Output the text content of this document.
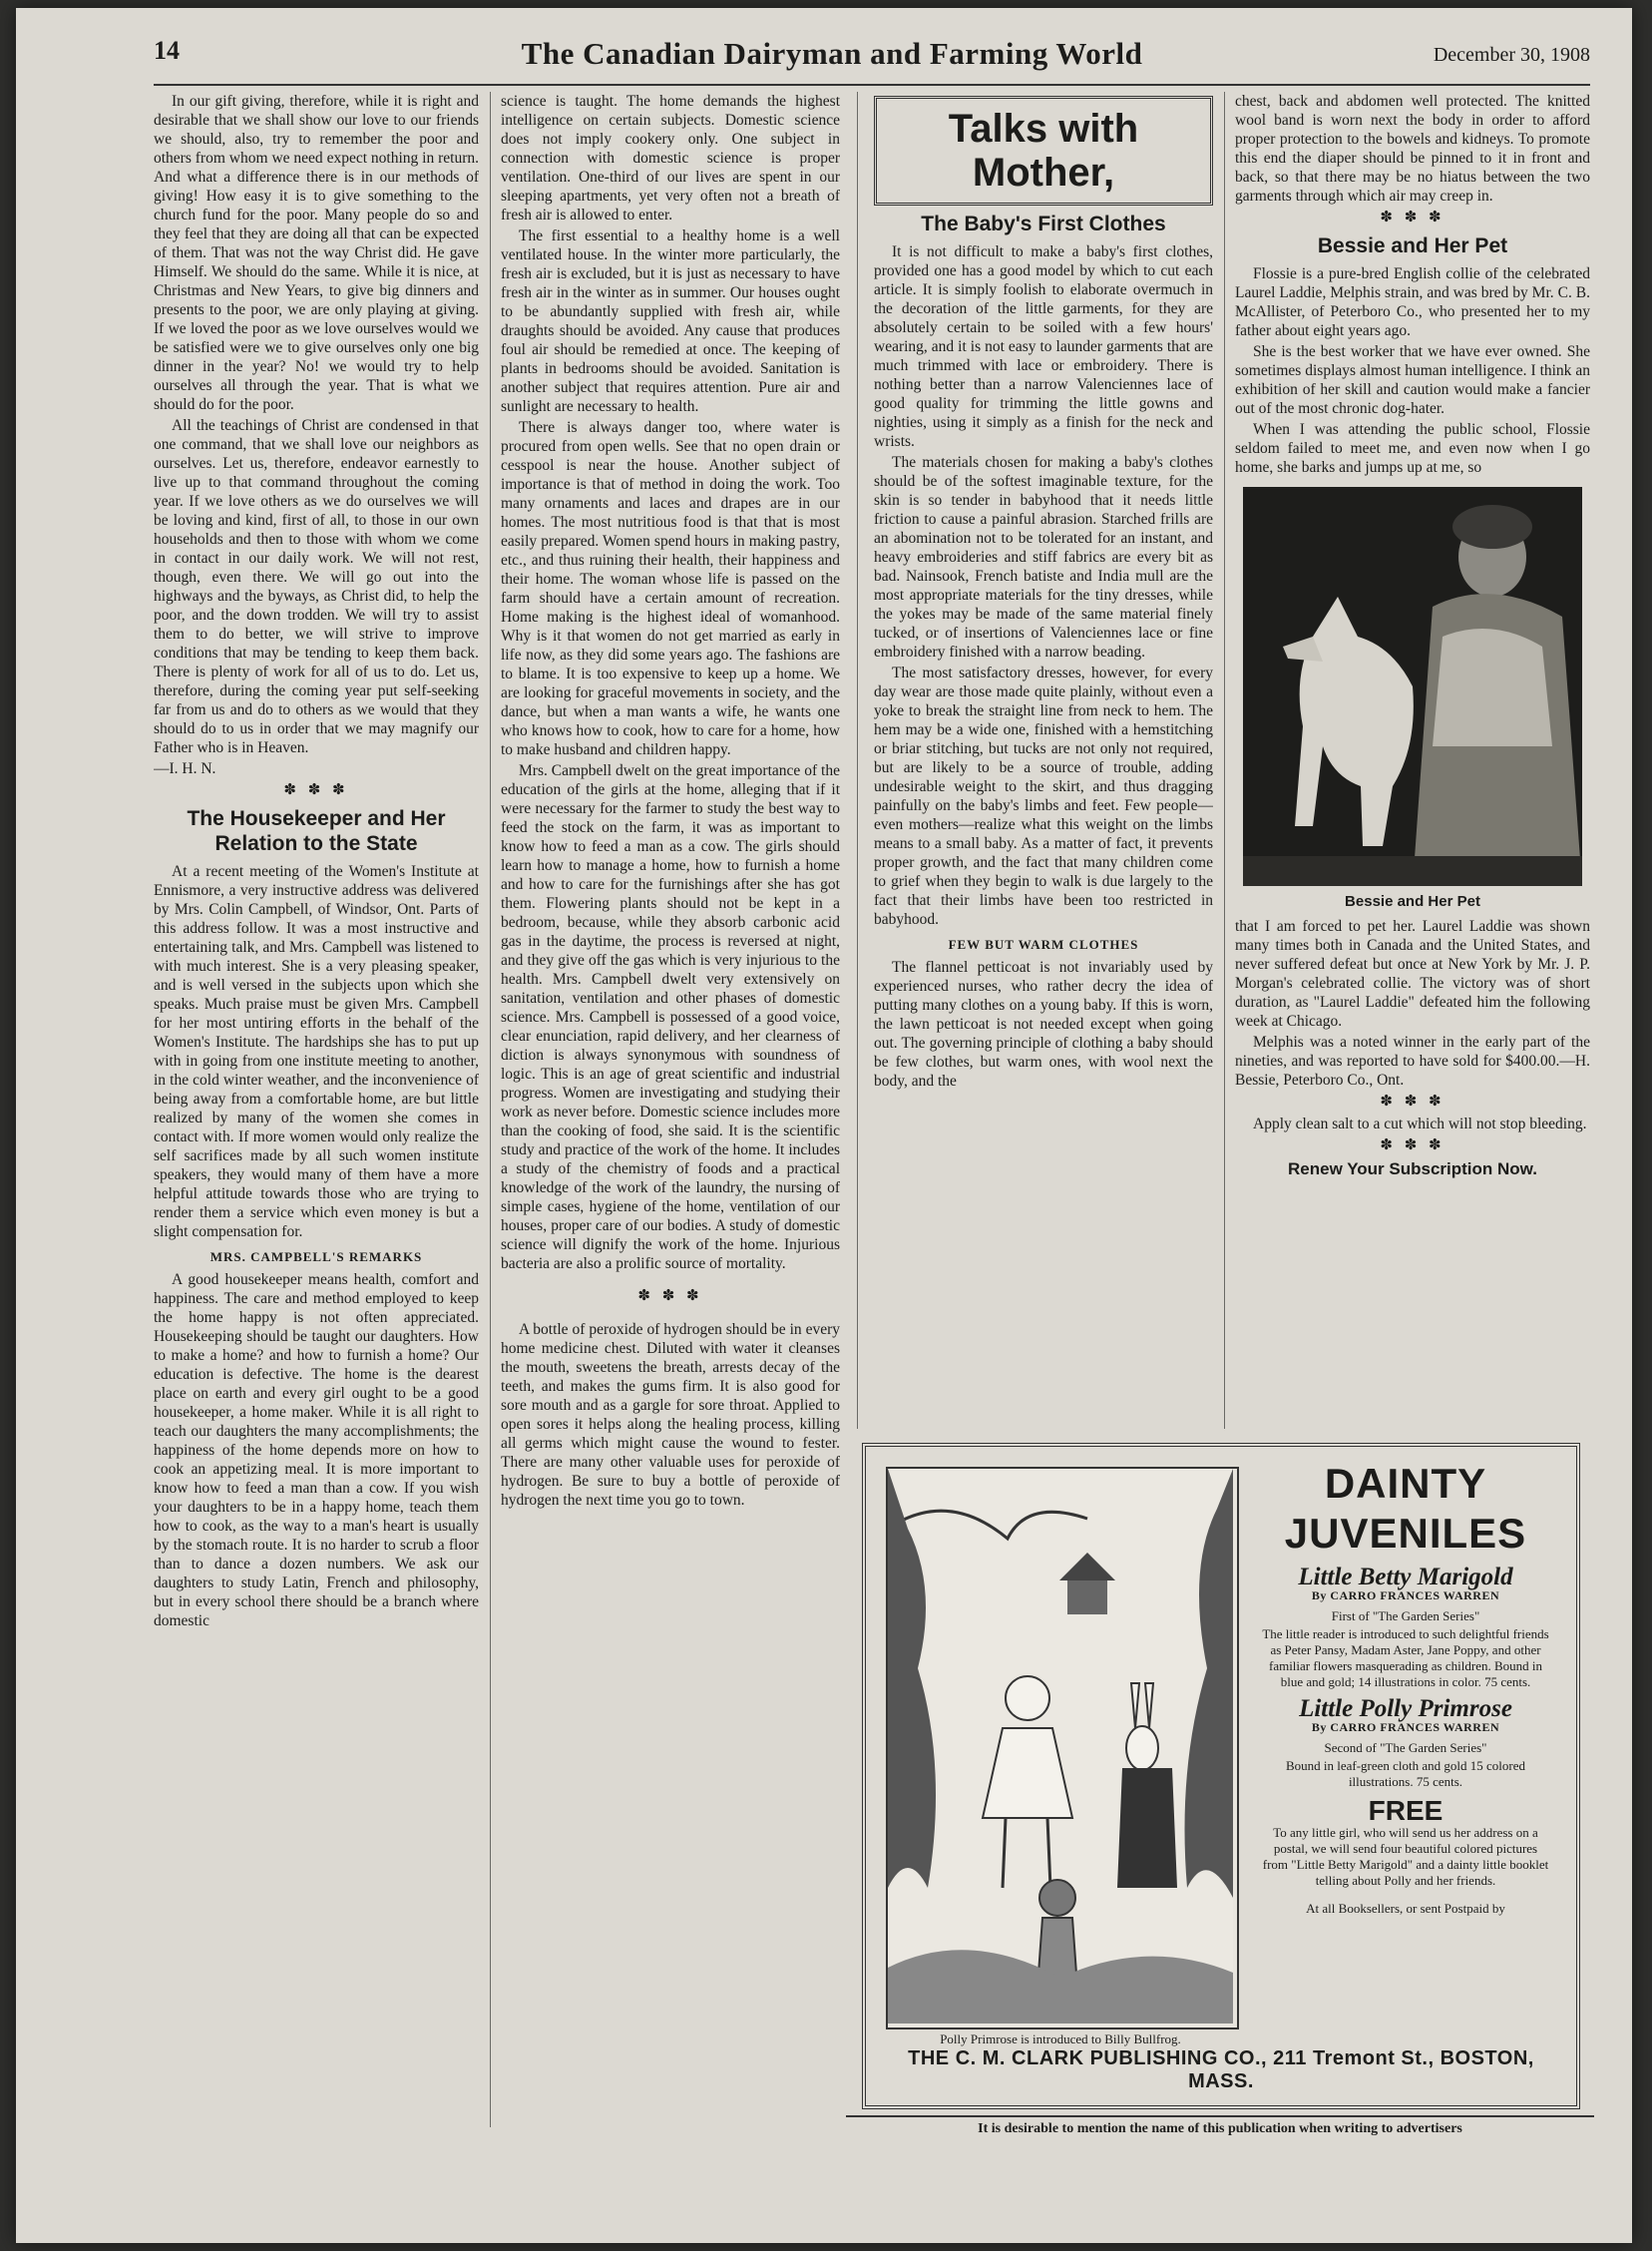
14	The Canadian Dairyman and Farming World	December 30, 1908

In our gift giving, therefore, while it is right and desirable that we shall show our love to our friends we should, also, try to remember the poor and others from whom we need expect nothing in return. And what a difference there is in our methods of giving! How easy it is to give something to the church fund for the poor. Many people do so and they feel that they are doing all that can be expected of them. That was not the way Christ did. He gave Himself. We should do the same. While it is nice, at Christmas and New Years, to give big dinners and presents to the poor, we are only playing at giving. If we loved the poor as we love ourselves would we be satisfied were we to give ourselves only one big dinner in the year? No! we would try to help ourselves all through the year. That is what we should do for the poor.

All the teachings of Christ are condensed in that one command, that we shall love our neighbors as ourselves. Let us, therefore, endeavor earnestly to live up to that command throughout the coming year. If we love others as we do ourselves we will be loving and kind, first of all, to those in our own households and then to those with whom we come in contact in our daily work. We will not rest, though, even there. We will go out into the highways and the byways, as Christ did, to help the poor, and the down trodden. We will try to assist them to do better, we will strive to improve conditions that may be tending to keep them back. There is plenty of work for all of us to do. Let us, therefore, during the coming year put self-seeking far from us and do to others as we would that they should do to us in order that we may magnify our Father who is in Heaven.

—I. H. N.

✽ ✽ ✽
The Housekeeper and Her Relation to the State

At a recent meeting of the Women's Institute at Ennismore, a very instructive address was delivered by Mrs. Colin Campbell, of Windsor, Ont. Parts of this address follow. It was a most instructive and entertaining talk, and Mrs. Campbell was listened to with much interest. She is a very pleasing speaker, and is well versed in the subjects upon which she speaks. Much praise must be given Mrs. Campbell for her most untiring efforts in the behalf of the Women's Institute. The hardships she has to put up with in going from one institute meeting to another, in the cold winter weather, and the inconvenience of being away from a comfortable home, are but little realized by many of the women she comes in contact with. If more women would only realize the self sacrifices made by all such women institute speakers, they would many of them have a more helpful attitude towards those who are trying to render them a service which even money is but a slight compensation for.

MRS. CAMPBELL'S REMARKS

A good housekeeper means health, comfort and happiness. The care and method employed to keep the home happy is not often appreciated. Housekeeping should be taught our daughters. How to make a home? and how to furnish a home? Our education is defective. The home is the dearest place on earth and every girl ought to be a good housekeeper, a home maker. While it is all right to teach our daughters the many accomplishments; the happiness of the home depends more on how to cook an appetizing meal. It is more important to know how to feed a man than a cow. If you wish your daughters to be in a happy home, teach them how to cook, as the way to a man's heart is usually by the stomach route. It is no harder to scrub a floor than to dance a dozen numbers. We ask our daughters to study Latin, French and philosophy, but in every school there should be a branch where domestic

science is taught. The home demands the highest intelligence on certain subjects. Domestic science does not imply cookery only. One subject in connection with domestic science is proper ventilation. One-third of our lives are spent in our sleeping apartments, yet very often not a breath of fresh air is allowed to enter.

The first essential to a healthy home is a well ventilated house. In the winter more particularly, the fresh air is excluded, but it is just as necessary to have fresh air in the winter as in summer. Our houses ought to be abundantly supplied with fresh air, while draughts should be avoided. Any cause that produces foul air should be remedied at once. The keeping of plants in bedrooms should be avoided. Sanitation is another subject that requires attention. Pure air and sunlight are necessary to health.

There is always danger too, where water is procured from open wells. See that no open drain or cesspool is near the house. Another subject of importance is that of method in doing the work. Too many ornaments and laces and drapes are in our homes. The most nutritious food is that that is most easily prepared. Women spend hours in making pastry, etc., and thus ruining their health, their happiness and their home. The woman whose life is passed on the farm should have a certain amount of recreation. Home making is the highest ideal of womanhood. Why is it that women do not get married as early in life now, as they did some years ago. The fashions are to blame. It is too expensive to keep up a home. We are looking for graceful movements in society, and the dance, but when a man wants a wife, he wants one who knows how to cook, how to care for a home, how to make husband and children happy.

Mrs. Campbell dwelt on the great importance of the education of the girls at the home, alleging that if it were necessary for the farmer to study the best way to feed the stock on the farm, it was as important to know how to feed a man as a cow. The girls should learn how to manage a home, how to furnish a home and how to care for the furnishings after she has got them. Flowering plants should not be kept in a bedroom, because, while they absorb carbonic acid gas in the daytime, the process is reversed at night, and they give off the gas which is very injurious to the health. Mrs. Campbell dwelt very extensively on sanitation, ventilation and other phases of domestic science. Mrs. Campbell is possessed of a good voice, clear enunciation, rapid delivery, and her clearness of diction is always synonymous with soundness of logic. This is an age of great scientific and industrial progress. Women are investigating and studying their work as never before. Domestic science includes more than the cooking of food, she said. It is the scientific study and practice of the work of the home. It includes a study of the chemistry of foods and a practical knowledge of the work of the laundry, the nursing of simple cases, hygiene of the home, ventilation of our houses, proper care of our bodies. A study of domestic science will dignify the work of the home. Injurious bacteria are also a prolific source of mortality.

✽ ✽ ✽

A bottle of peroxide of hydrogen should be in every home medicine chest. Diluted with water it cleanses the mouth, sweetens the breath, arrests decay of the teeth, and makes the gums firm. It is also good for sore mouth and as a gargle for sore throat. Applied to open sores it helps along the healing process, killing all germs which might cause the wound to fester. There are many other valuable uses for peroxide of hydrogen. Be sure to buy a bottle of peroxide of hydrogen the next time you go to town.

Talks with Mother,
The Baby's First Clothes

It is not difficult to make a baby's first clothes, provided one has a good model by which to cut each article. It is simply foolish to elaborate overmuch in the decoration of the little garments, for they are absolutely certain to be soiled with a few hours' wearing, and it is not easy to launder garments that are much trimmed with lace or embroidery. There is nothing better than a narrow Valenciennes lace of good quality for trimming the little gowns and nighties, using it simply as a finish for the neck and wrists.

The materials chosen for making a baby's clothes should be of the softest imaginable texture, for the skin is so tender in babyhood that it needs little friction to cause a painful abrasion. Starched frills are an abomination not to be tolerated for an instant, and heavy embroideries and stiff fabrics are every bit as bad. Nainsook, French batiste and India mull are the most appropriate materials for the tiny dresses, while the yokes may be made of the same material finely tucked, or of insertions of Valenciennes lace or fine embroidery finished with a narrow beading.

The most satisfactory dresses, however, for every day wear are those made quite plainly, without even a yoke to break the straight line from neck to hem. The hem may be a wide one, finished with a hemstitching or briar stitching, but tucks are not only not required, but are likely to be a source of trouble, adding undesirable weight to the skirt, and thus dragging painfully on the baby's limbs and feet. Few people—even mothers—realize what this weight on the limbs means to a small baby. As a matter of fact, it prevents proper growth, and the fact that many children come to grief when they begin to walk is due largely to the fact that their limbs have been too restricted in babyhood.

FEW BUT WARM CLOTHES

The flannel petticoat is not invariably used by experienced nurses, who rather decry the idea of putting many clothes on a young baby. If this is worn, the lawn petticoat is not needed except when going out. The governing principle of clothing a baby should be few clothes, but warm ones, with wool next the body, and the

chest, back and abdomen well protected. The knitted wool band is worn next the body in order to afford proper protection to the bowels and kidneys. To promote this end the diaper should be pinned to it in front and back, so that there may be no hiatus between the two garments through which air may creep in.

✽ ✽ ✽
Bessie and Her Pet

Flossie is a pure-bred English collie of the celebrated Laurel Laddie, Melphis strain, and was bred by Mr. C. B. McAllister, of Peterboro Co., who presented her to my father about eight years ago.

She is the best worker that we have ever owned. She sometimes displays almost human intelligence. I think an exhibition of her skill and caution would make a fancier out of the most chronic dog-hater.

When I was attending the public school, Flossie seldom failed to meet me, and even now when I go home, she barks and jumps up at me, so

Bessie and Her Pet

that I am forced to pet her. Laurel Laddie was shown many times both in Canada and the United States, and never suffered defeat but once at New York by Mr. J. P. Morgan's celebrated collie. The victory was of short duration, as "Laurel Laddie" defeated him the following week at Chicago.

Melphis was a noted winner in the early part of the nineties, and was reported to have sold for $400.00.—H. Bessie, Peterboro Co., Ont.

✽ ✽ ✽

Apply clean salt to a cut which will not stop bleeding.

✽ ✽ ✽
Renew Your Subscription Now.
Polly Primrose is introduced to Billy Bullfrog.
DAINTY JUVENILES
Little Betty Marigold
By CARRO FRANCES WARREN
First of "The Garden Series"
The little reader is introduced to such delightful friends as Peter Pansy, Madam Aster, Jane Poppy, and other familiar flowers masquerading as children. Bound in blue and gold; 14 illustrations in color. 75 cents.
Little Polly Primrose
By CARRO FRANCES WARREN
Second of "The Garden Series"
Bound in leaf-green cloth and gold 15 colored illustrations. 75 cents.
FREE
To any little girl, who will send us her address on a postal, we will send four beautiful colored pictures from "Little Betty Marigold" and a dainty little booklet telling about Polly and her friends.
At all Booksellers, or sent Postpaid by
THE C. M. CLARK PUBLISHING CO., 211 Tremont St., BOSTON, MASS.
It is desirable to mention the name of this publication when writing to advertisers
